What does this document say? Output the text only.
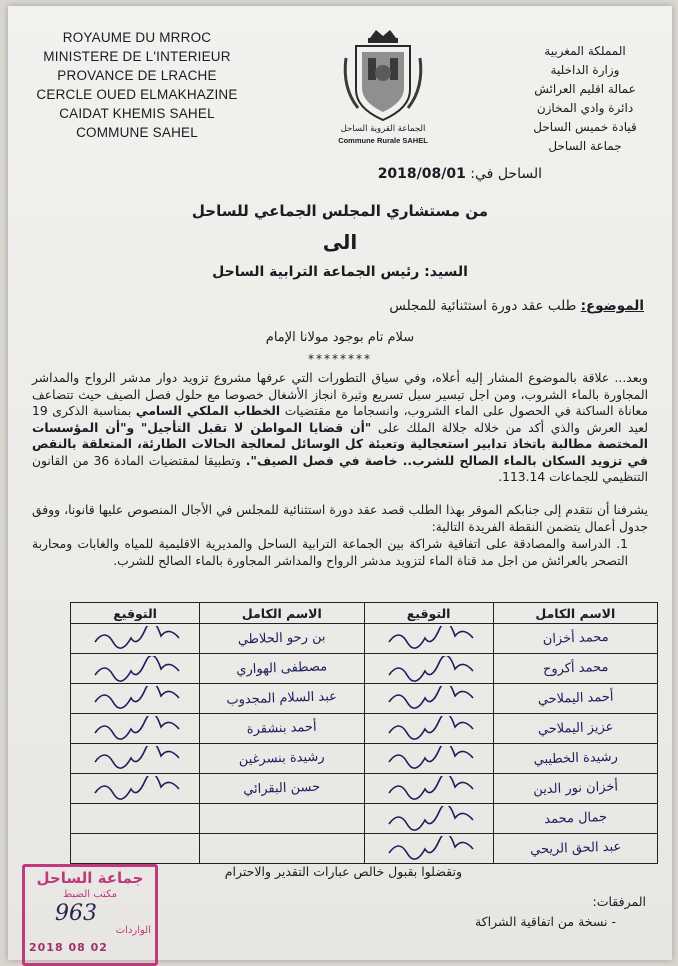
ROYAUME DU MRROC
MINISTERE DE L'INTERIEUR
PROVANCE DE LRACHE
CERCLE OUED ELMAKHAZINE
CAIDAT KHEMIS SAHEL
COMMUNE SAHEL	الجماعة القروية الساحل
Commune Rurale SAHEL
المملكة المغربية
وزارة الداخلية
عمالة اقليم العرائش
دائرة وادي المخازن
قيادة خميس الساحل
جماعة الساحل
الساحل في: 2018/08/01
من مستشاري المجلس الجماعي للساحل
الى
السيد: رئيس الجماعة الترابية الساحل
الموضوع: طلب عقد دورة استثنائية للمجلس
سلام تام بوجود مولانا الإمام
********
وبعد... علاقة بالموضوع المشار إليه أعلاه، وفي سياق التطورات التي عرفها مشروع تزويد دوار مدشر الرواح والمداشر المجاورة بالماء الشروب، ومن اجل تيسير سبل تسريع وثيرة انجاز الأشغال خصوصا مع حلول فصل الصيف حيث تتضاعف معاناة الساكنة في الحصول على الماء الشروب، وانسجاما مع مقتضيات الخطاب الملكي السامي بمناسبة الذكرى 19 لعيد العرش والذي أكد من خلاله جلالة الملك على "أن قضايا المواطن لا تقبل التأجيل" و"أن المؤسسات المختصة مطالبة باتخاذ تدابير استعجالية وتعبئة كل الوسائل لمعالجة الحالات الطارئة، المتعلقة بالنقص في تزويد السكان بالماء الصالح للشرب.. خاصة في فصل الصيف". وتطبيقا لمقتضيات المادة 36 من القانون التنظيمي للجماعات 113.14.
يشرفنا أن نتقدم إلى جنابكم الموقر بهذا الطلب قصد عقد دورة استثنائية للمجلس في الأجال المنصوص عليها قانونا، ووفق جدول أعمال يتضمن النقطة الفريدة التالية:
1. الدراسة والمصادقة على اتفاقية شراكة بين الجماعة الترابية الساحل والمديرية الاقليمية للمياه والغابات ومحاربة التصحر بالعرائش من اجل مد قناة الماء لتزويد مدشر الرواح والمداشر المجاورة بالماء الصالح للشرب.
الاسم الكامل	التوقيع	الاسم الكامل	التوقيع

محمد أخزان		بن رحو الحلاطي

محمد أكروح		مصطفى الهواري

أحمد اليملاحي		عبد السلام المجدوب

عزيز اليملاحي		أحمد بنشقرة

رشيدة الخطيبي		رشيدة بنسرغين

أخزان نور الدين		حسن البقرائي

جمال محمد

عبد الحق الريحي

وتقضلوا بقبول خالص عبارات التقدير والاحترام
المرفقات:
- نسخة من اتفاقية الشراكة
جماعة الساحل
مكتب الضبط
963
الواردات
2018 08 02
